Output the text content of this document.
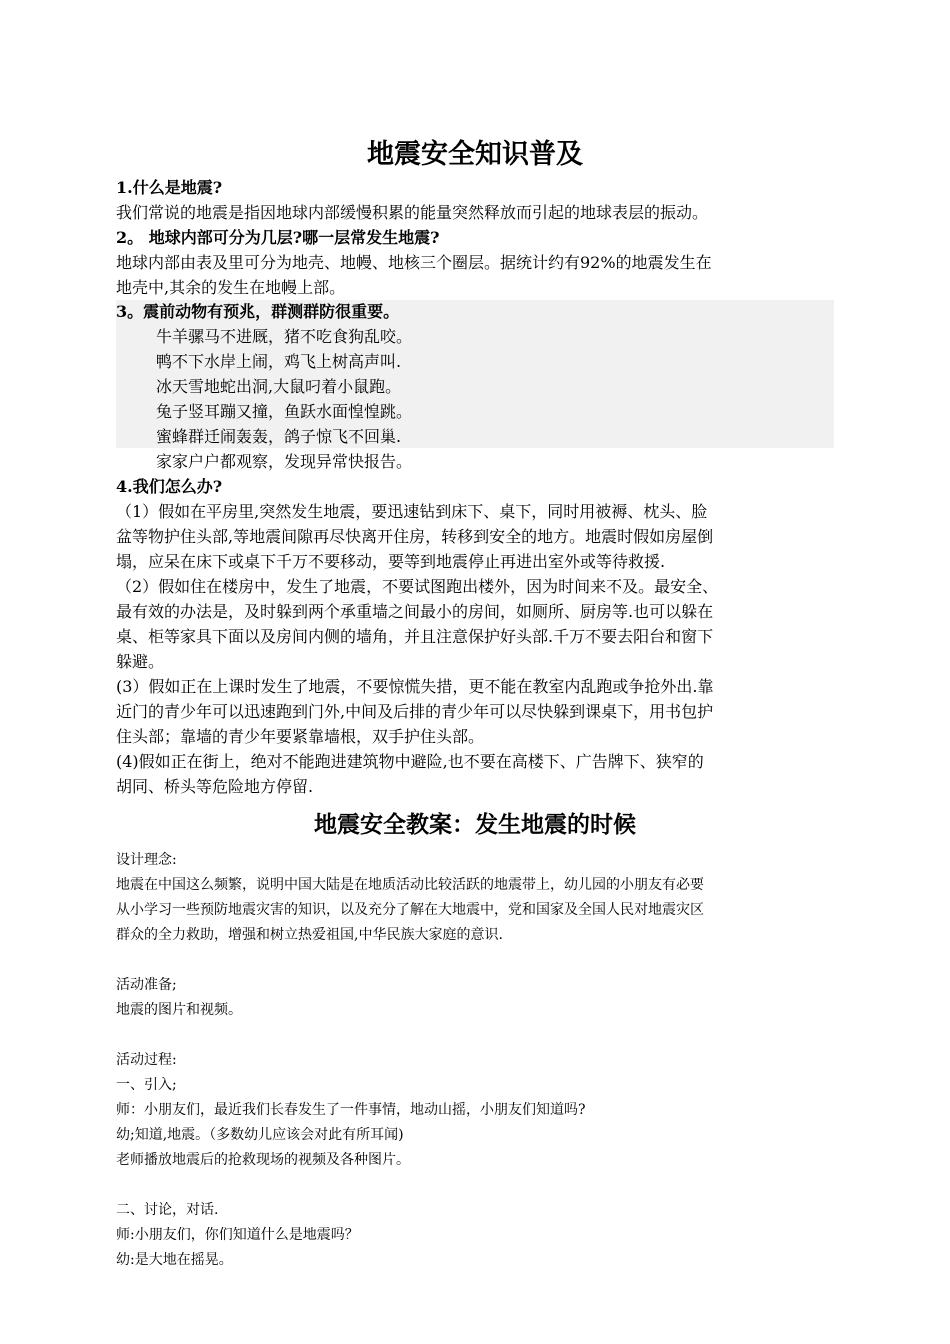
地震安全知识普及
1.什么是地震?
我们常说的地震是指因地球内部缓慢积累的能量突然释放而引起的地球表层的振动。
2。 地球内部可分为几层?哪一层常发生地震?
地球内部由表及里可分为地壳、地幔、地核三个圈层。据统计约有92%的地震发生在
地壳中,其余的发生在地幔上部。
3。震前动物有预兆，群测群防很重要。
牛羊骡马不进厩，猪不吃食狗乱咬。
鸭不下水岸上闹，鸡飞上树高声叫.
冰天雪地蛇出洞,大鼠叼着小鼠跑。
兔子竖耳蹦又撞，鱼跃水面惶惶跳。
蜜蜂群迁闹轰轰，鸽子惊飞不回巢.
家家户户都观察，发现异常快报告。
4.我们怎么办?
（1）假如在平房里,突然发生地震，要迅速钻到床下、桌下，同时用被褥、枕头、脸
盆等物护住头部,等地震间隙再尽快离开住房，转移到安全的地方。地震时假如房屋倒
塌，应呆在床下或桌下千万不要移动，要等到地震停止再进出室外或等待救援.
（2）假如住在楼房中，发生了地震，不要试图跑出楼外，因为时间来不及。最安全、
最有效的办法是，及时躲到两个承重墙之间最小的房间，如厕所、厨房等.也可以躲在
桌、柜等家具下面以及房间内侧的墙角，并且注意保护好头部.千万不要去阳台和窗下
躲避。
(3）假如正在上课时发生了地震，不要惊慌失措，更不能在教室内乱跑或争抢外出.靠
近门的青少年可以迅速跑到门外,中间及后排的青少年可以尽快躲到课桌下，用书包护
住头部；靠墙的青少年要紧靠墙根，双手护住头部。
(4)假如正在街上，绝对不能跑进建筑物中避险,也不要在高楼下、广告牌下、狭窄的
胡同、桥头等危险地方停留.
地震安全教案：发生地震的时候
设计理念:
地震在中国这么频繁，说明中国大陆是在地质活动比较活跃的地震带上，幼儿园的小朋友有必要
从小学习一些预防地震灾害的知识，以及充分了解在大地震中，党和国家及全国人民对地震灾区
群众的全力救助，增强和树立热爱祖国,中华民族大家庭的意识.
活动准备;
地震的图片和视频。
活动过程:
一、引入;
师：小朋友们，最近我们长春发生了一件事情，地动山摇，小朋友们知道吗?
幼;知道,地震。（多数幼儿应该会对此有所耳闻)
老师播放地震后的抢救现场的视频及各种图片。
二、讨论，对话.
师:小朋友们，你们知道什么是地震吗？
幼:是大地在摇晃。
